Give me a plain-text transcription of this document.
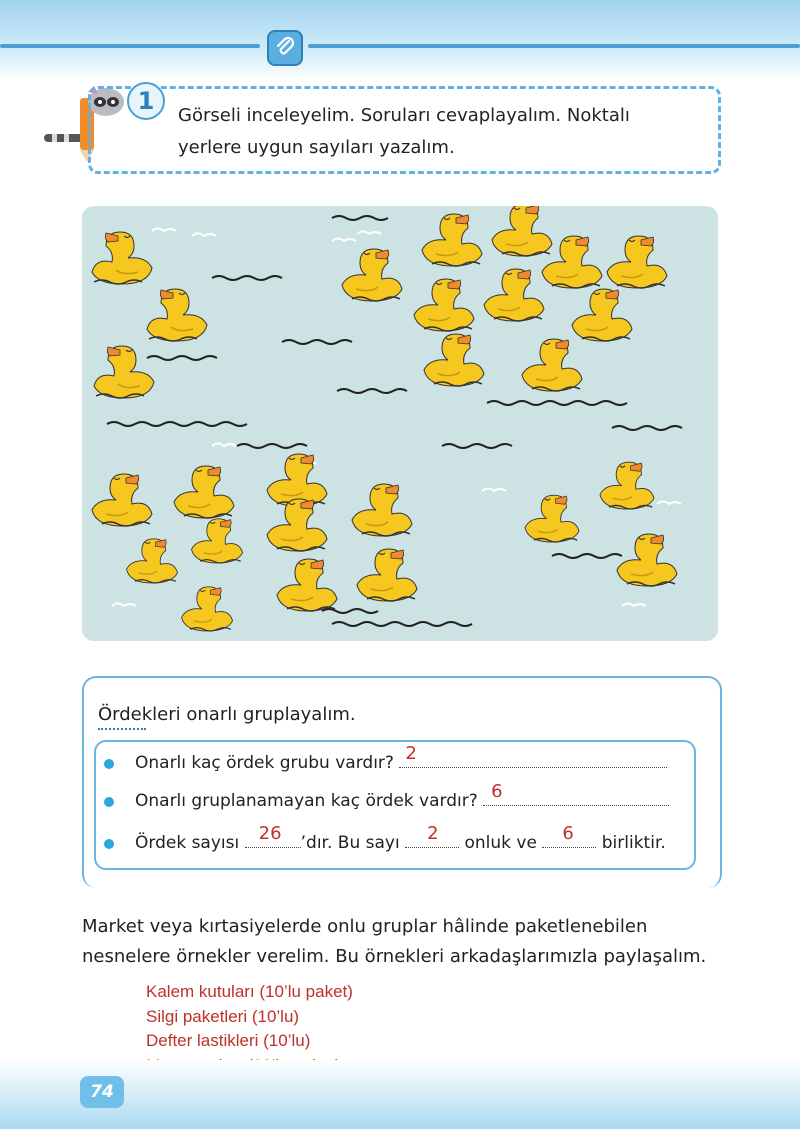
1
Görseli inceleyelim. Soruları cevaplayalım. Noktalı yerlere uygun sayıları yazalım.
Ördekleri onarlı gruplayalım.
Onarlı kaç ördek grubu vardır? 2
Onarlı gruplanamayan kaç ördek vardır? 6
Ördek sayısı 26 ’dır. Bu sayı 2 onluk ve 6 birliktir.
Market veya kırtasiyelerde onlu gruplar hâlinde paketlenebilen nesnelere örnekler verelim. Bu örnekleri arkadaşlarımızla paylaşalım.
Kalem kutuları (10’lu paket)
Silgi paketleri (10’lu)
Defter lastikleri (10’lu)
74
